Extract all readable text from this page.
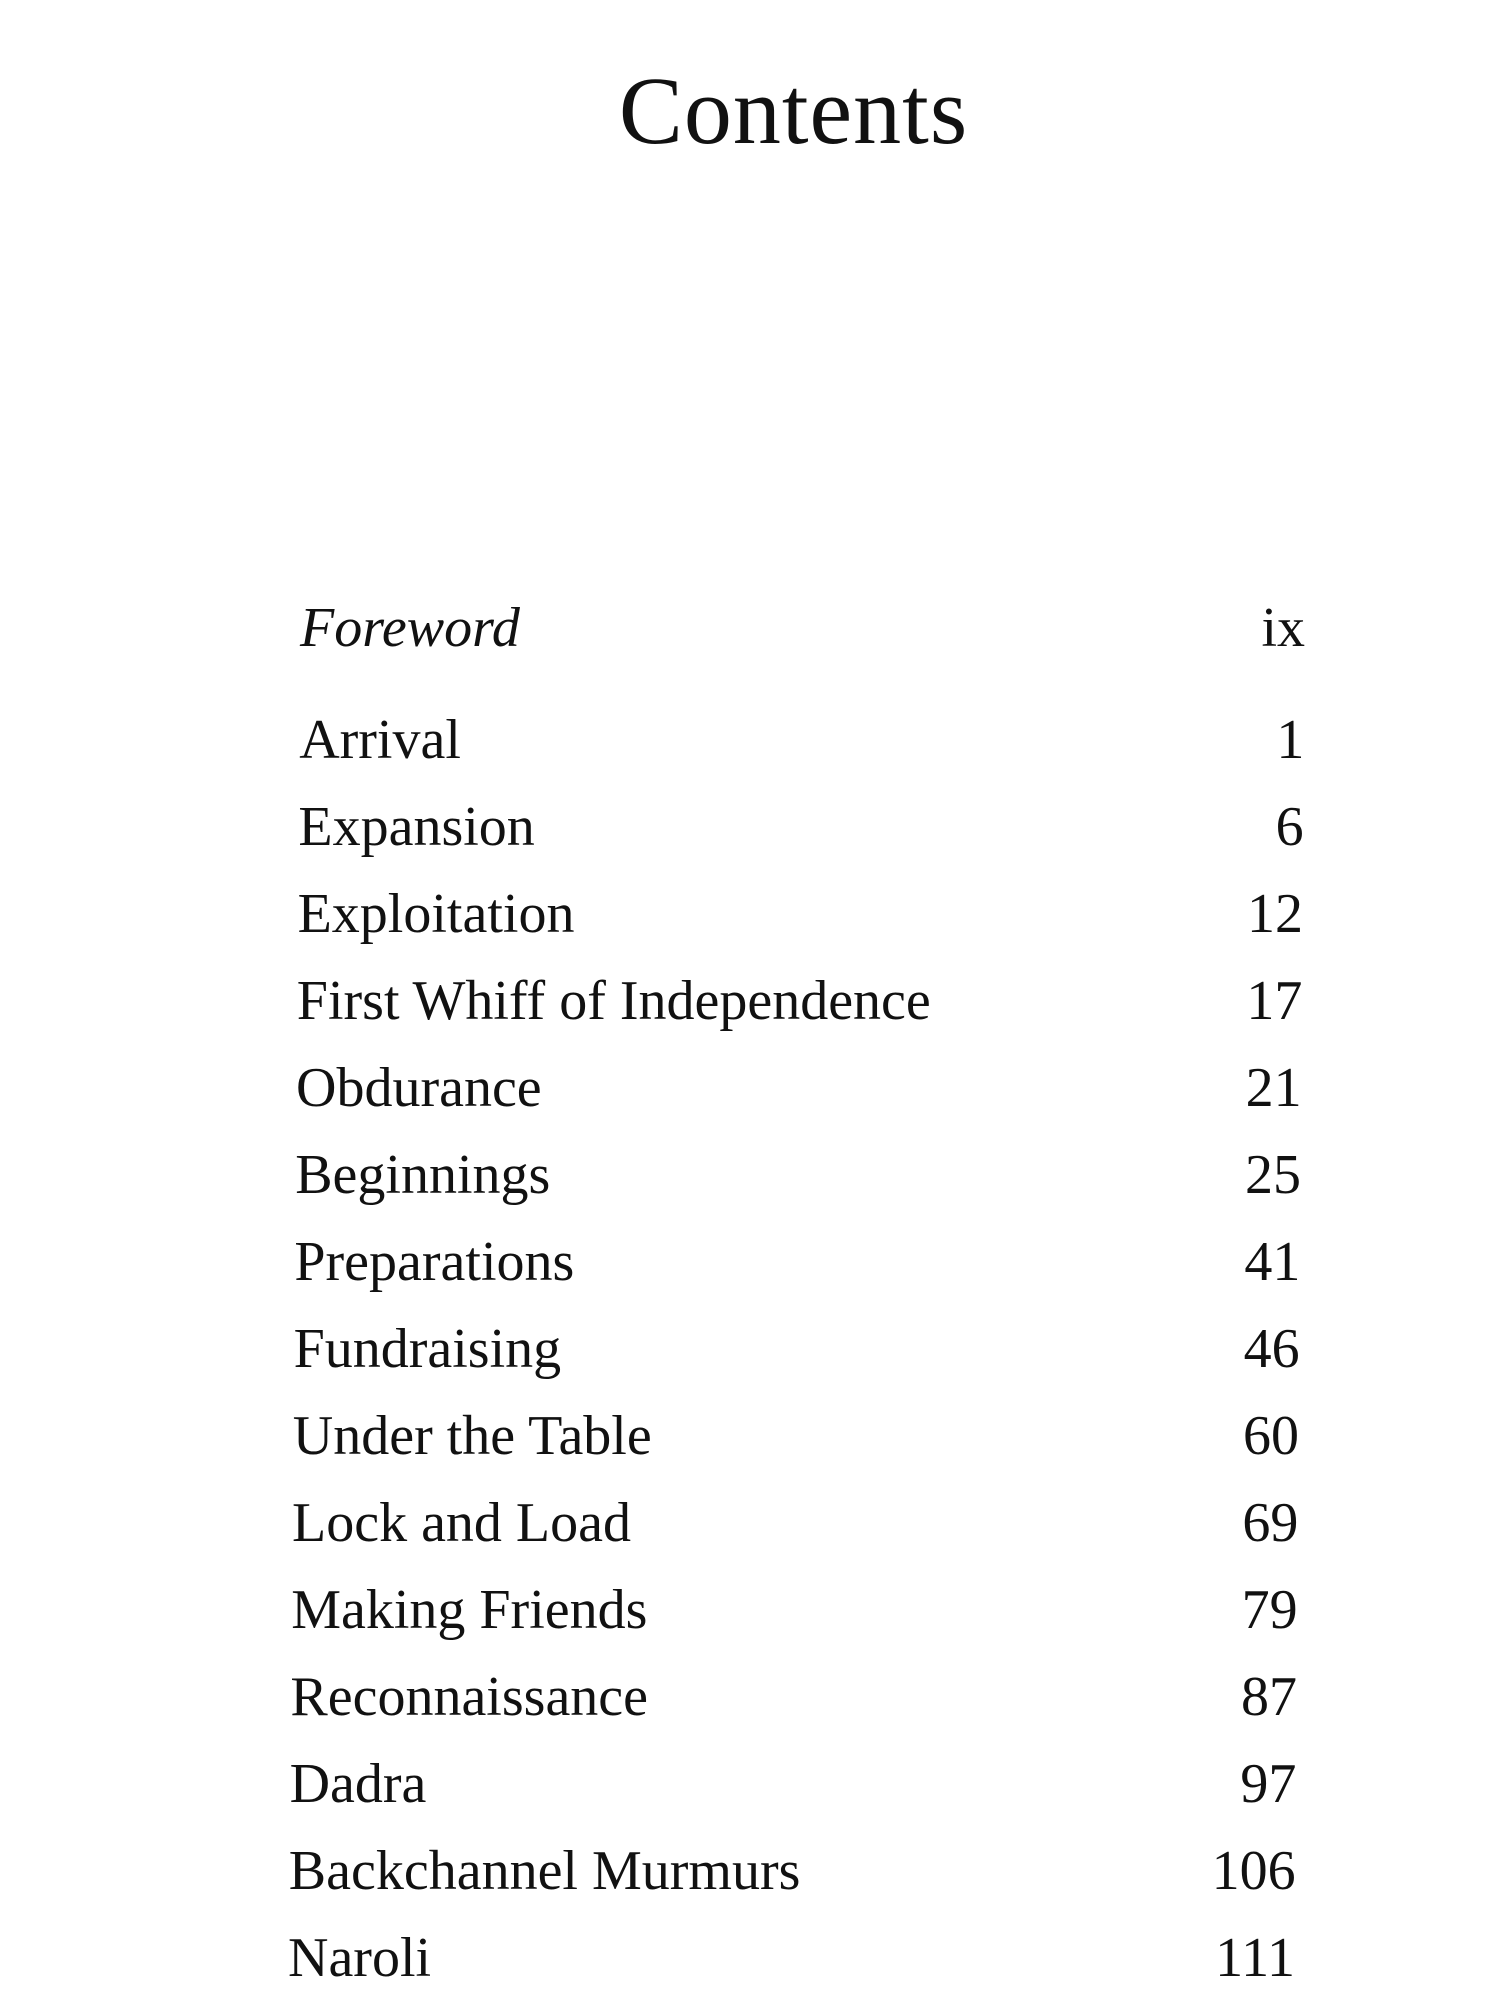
Contents
Foreword	ix
Arrival	1
Expansion	6
Exploitation	12
First Whiff of Independence	17
Obdurance	21
Beginnings	25
Preparations	41
Fundraising	46
Under the Table	60
Lock and Load	69
Making Friends	79
Reconnaissance	87
Dadra	97
Backchannel Murmurs	106
Naroli	111
